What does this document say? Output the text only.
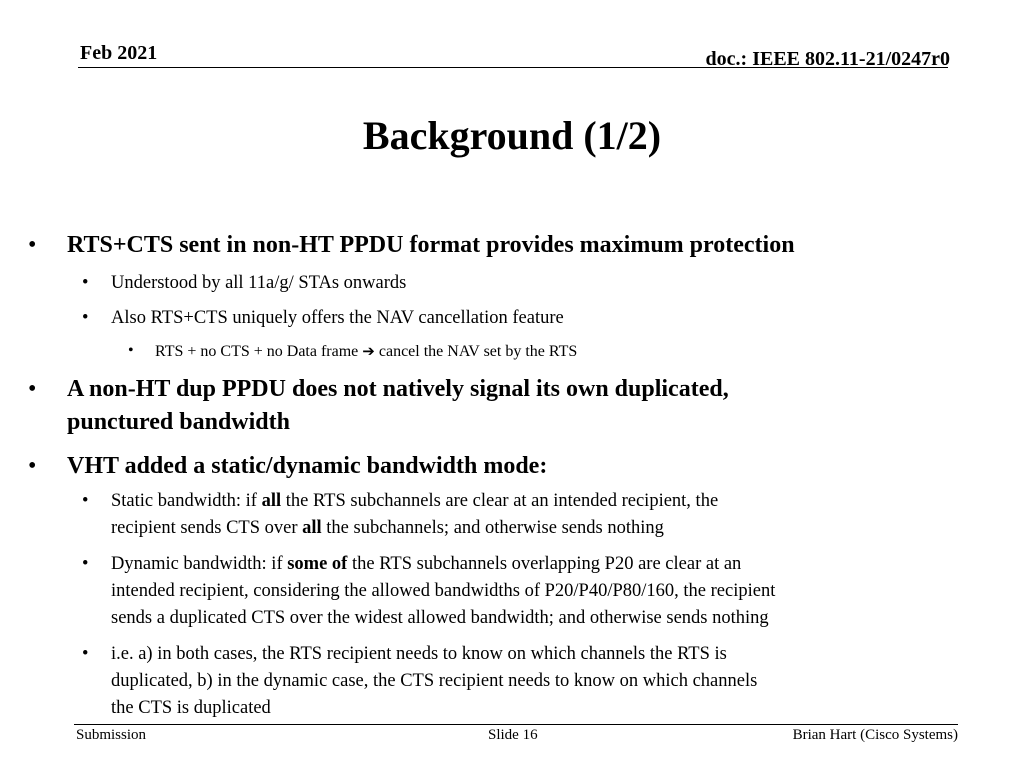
Feb 2021	doc.: IEEE 802.11-21/0247r0
Background (1/2)
• RTS+CTS sent in non-HT PPDU format provides maximum protection
• Understood by all 11a/g/ STAs onwards
• Also RTS+CTS uniquely offers the NAV cancellation feature
• RTS + no CTS + no Data frame ➔ cancel the NAV set by the RTS
• A non-HT dup PPDU does not natively signal its own duplicated,
punctured bandwidth
• VHT added a static/dynamic bandwidth mode:
• Static bandwidth: if all the RTS subchannels are clear at an intended recipient, the
recipient sends CTS over all the subchannels; and otherwise sends nothing
• Dynamic bandwidth: if some of the RTS subchannels overlapping P20 are clear at an
intended recipient, considering the allowed bandwidths of P20/P40/P80/160, the recipient
sends a duplicated CTS over the widest allowed bandwidth; and otherwise sends nothing
• i.e. a) in both cases, the RTS recipient needs to know on which channels the RTS is
duplicated, b) in the dynamic case, the CTS recipient needs to know on which channels
the CTS is duplicated
Submission	Slide 16	Brian Hart (Cisco Systems)
